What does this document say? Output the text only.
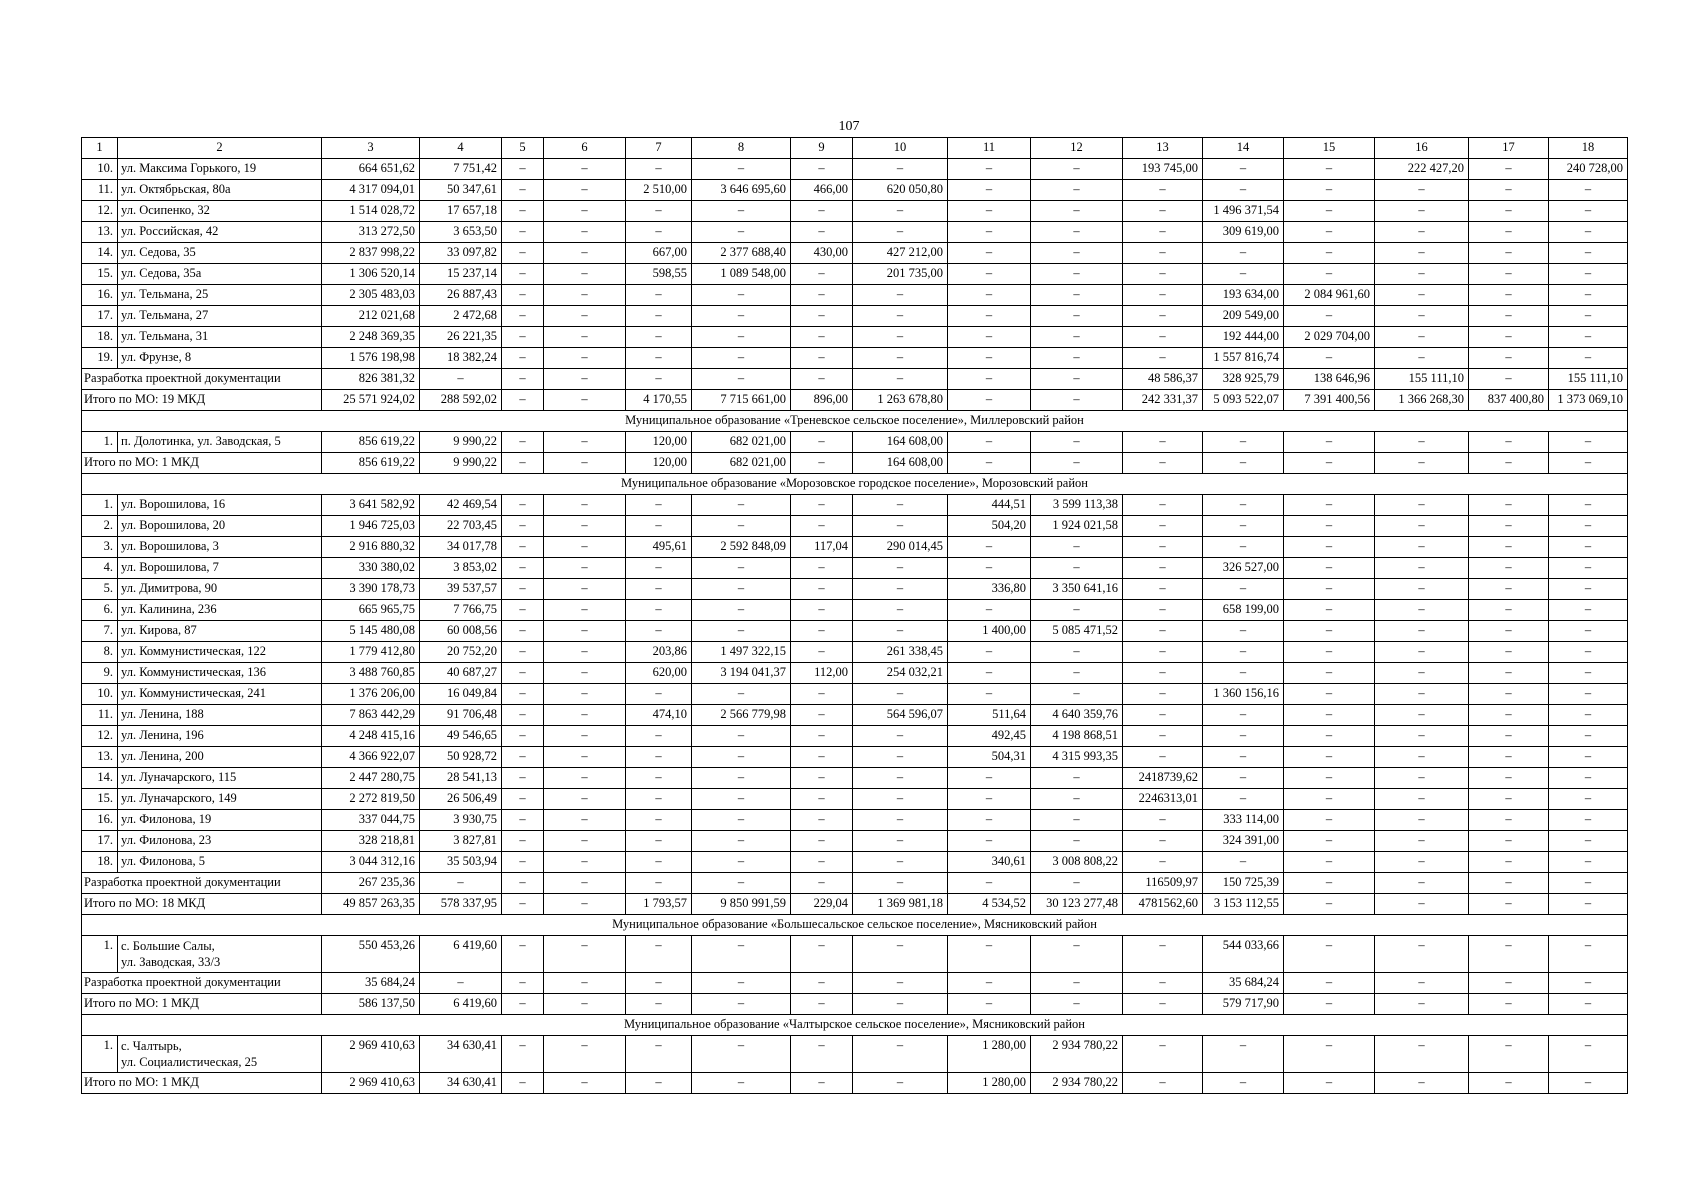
107
1	2	3	4	5	6	7	8	9	10	11	12	13	14	15	16	17	18
10.	ул. Максима Горького, 19	664 651,62	7 751,42	–	–	–	–	–	–	–	–	193 745,00	–	–	222 427,20	–	240 728,00
11.	ул. Октябрьская, 80а	4 317 094,01	50 347,61	–	–	2 510,00	3 646 695,60	466,00	620 050,80	–	–	–	–	–	–	–	–
12.	ул. Осипенко, 32	1 514 028,72	17 657,18	–	–	–	–	–	–	–	–	–	1 496 371,54	–	–	–	–
13.	ул. Российская, 42	313 272,50	3 653,50	–	–	–	–	–	–	–	–	–	309 619,00	–	–	–	–
14.	ул. Седова, 35	2 837 998,22	33 097,82	–	–	667,00	2 377 688,40	430,00	427 212,00	–	–	–	–	–	–	–	–
15.	ул. Седова, 35а	1 306 520,14	15 237,14	–	–	598,55	1 089 548,00	–	201 735,00	–	–	–	–	–	–	–	–
16.	ул. Тельмана, 25	2 305 483,03	26 887,43	–	–	–	–	–	–	–	–	–	193 634,00	2 084 961,60	–	–	–
17.	ул. Тельмана, 27	212 021,68	2 472,68	–	–	–	–	–	–	–	–	–	209 549,00	–	–	–	–
18.	ул. Тельмана, 31	2 248 369,35	26 221,35	–	–	–	–	–	–	–	–	–	192 444,00	2 029 704,00	–	–	–
19.	ул. Фрунзе, 8	1 576 198,98	18 382,24	–	–	–	–	–	–	–	–	–	1 557 816,74	–	–	–	–
Разработка проектной документации		826 381,32	–	–	–	–	–	–	–	–	–	48 586,37	328 925,79	138 646,96	155 111,10	–	155 111,10
Итого по МО: 19 МКД		25 571 924,02	288 592,02	–	–	4 170,55	7 715 661,00	896,00	1 263 678,80	–	–	242 331,37	5 093 522,07	7 391 400,56	1 366 268,30	837 400,80	1 373 069,10
Муниципальное образование «Треневское сельское поселение», Миллеровский район																	
1.	п. Долотинка, ул. Заводская, 5	856 619,22	9 990,22	–	–	120,00	682 021,00	–	164 608,00	–	–	–	–	–	–	–	–
Итого по МО: 1 МКД		856 619,22	9 990,22	–	–	120,00	682 021,00	–	164 608,00	–	–	–	–	–	–	–	–
Муниципальное образование «Морозовское городское поселение», Морозовский район																	
1.	ул. Ворошилова, 16	3 641 582,92	42 469,54	–	–	–	–	–	–	444,51	3 599 113,38	–	–	–	–	–	–
2.	ул. Ворошилова, 20	1 946 725,03	22 703,45	–	–	–	–	–	–	504,20	1 924 021,58	–	–	–	–	–	–
3.	ул. Ворошилова, 3	2 916 880,32	34 017,78	–	–	495,61	2 592 848,09	117,04	290 014,45	–	–	–	–	–	–	–	–
4.	ул. Ворошилова, 7	330 380,02	3 853,02	–	–	–	–	–	–	–	–	–	326 527,00	–	–	–	–
5.	ул. Димитрова, 90	3 390 178,73	39 537,57	–	–	–	–	–	–	336,80	3 350 641,16	–	–	–	–	–	–
6.	ул. Калинина, 236	665 965,75	7 766,75	–	–	–	–	–	–	–	–	–	658 199,00	–	–	–	–
7.	ул. Кирова, 87	5 145 480,08	60 008,56	–	–	–	–	–	–	1 400,00	5 085 471,52	–	–	–	–	–	–
8.	ул. Коммунистическая, 122	1 779 412,80	20 752,20	–	–	203,86	1 497 322,15	–	261 338,45	–	–	–	–	–	–	–	–
9.	ул. Коммунистическая, 136	3 488 760,85	40 687,27	–	–	620,00	3 194 041,37	112,00	254 032,21	–	–	–	–	–	–	–	–
10.	ул. Коммунистическая, 241	1 376 206,00	16 049,84	–	–	–	–	–	–	–	–	–	1 360 156,16	–	–	–	–
11.	ул. Ленина, 188	7 863 442,29	91 706,48	–	–	474,10	2 566 779,98	–	564 596,07	511,64	4 640 359,76	–	–	–	–	–	–
12.	ул. Ленина, 196	4 248 415,16	49 546,65	–	–	–	–	–	–	492,45	4 198 868,51	–	–	–	–	–	–
13.	ул. Ленина, 200	4 366 922,07	50 928,72	–	–	–	–	–	–	504,31	4 315 993,35	–	–	–	–	–	–
14.	ул. Луначарского, 115	2 447 280,75	28 541,13	–	–	–	–	–	–	–	–	2418739,62	–	–	–	–	–
15.	ул. Луначарского, 149	2 272 819,50	26 506,49	–	–	–	–	–	–	–	–	2246313,01	–	–	–	–	–
16.	ул. Филонова, 19	337 044,75	3 930,75	–	–	–	–	–	–	–	–	–	333 114,00	–	–	–	–
17.	ул. Филонова, 23	328 218,81	3 827,81	–	–	–	–	–	–	–	–	–	324 391,00	–	–	–	–
18.	ул. Филонова, 5	3 044 312,16	35 503,94	–	–	–	–	–	–	340,61	3 008 808,22	–	–	–	–	–	–
Разработка проектной документации		267 235,36	–	–	–	–	–	–	–	–	–	116509,97	150 725,39	–	–	–	–
Итого по МО: 18 МКД		49 857 263,35	578 337,95	–	–	1 793,57	9 850 991,59	229,04	1 369 981,18	4 534,52	30 123 277,48	4781562,60	3 153 112,55	–	–	–	–
Муниципальное образование «Большесальское сельское поселение», Мясниковский район																	
1.	с. Большие Салы,
ул. Заводская, 33/3	550 453,26	6 419,60	–	–	–	–	–	–	–	–	–	544 033,66	–	–	–	–
Разработка проектной документации		35 684,24	–	–	–	–	–	–	–	–	–	–	35 684,24	–	–	–	–
Итого по МО: 1 МКД		586 137,50	6 419,60	–	–	–	–	–	–	–	–	–	579 717,90	–	–	–	–
Муниципальное образование «Чалтырское сельское поселение», Мясниковский район																	
1.	с. Чалтырь,
ул. Социалистическая, 25	2 969 410,63	34 630,41	–	–	–	–	–	–	1 280,00	2 934 780,22	–	–	–	–	–	–
Итого по МО: 1 МКД		2 969 410,63	34 630,41	–	–	–	–	–	–	1 280,00	2 934 780,22	–	–	–	–	–	–
